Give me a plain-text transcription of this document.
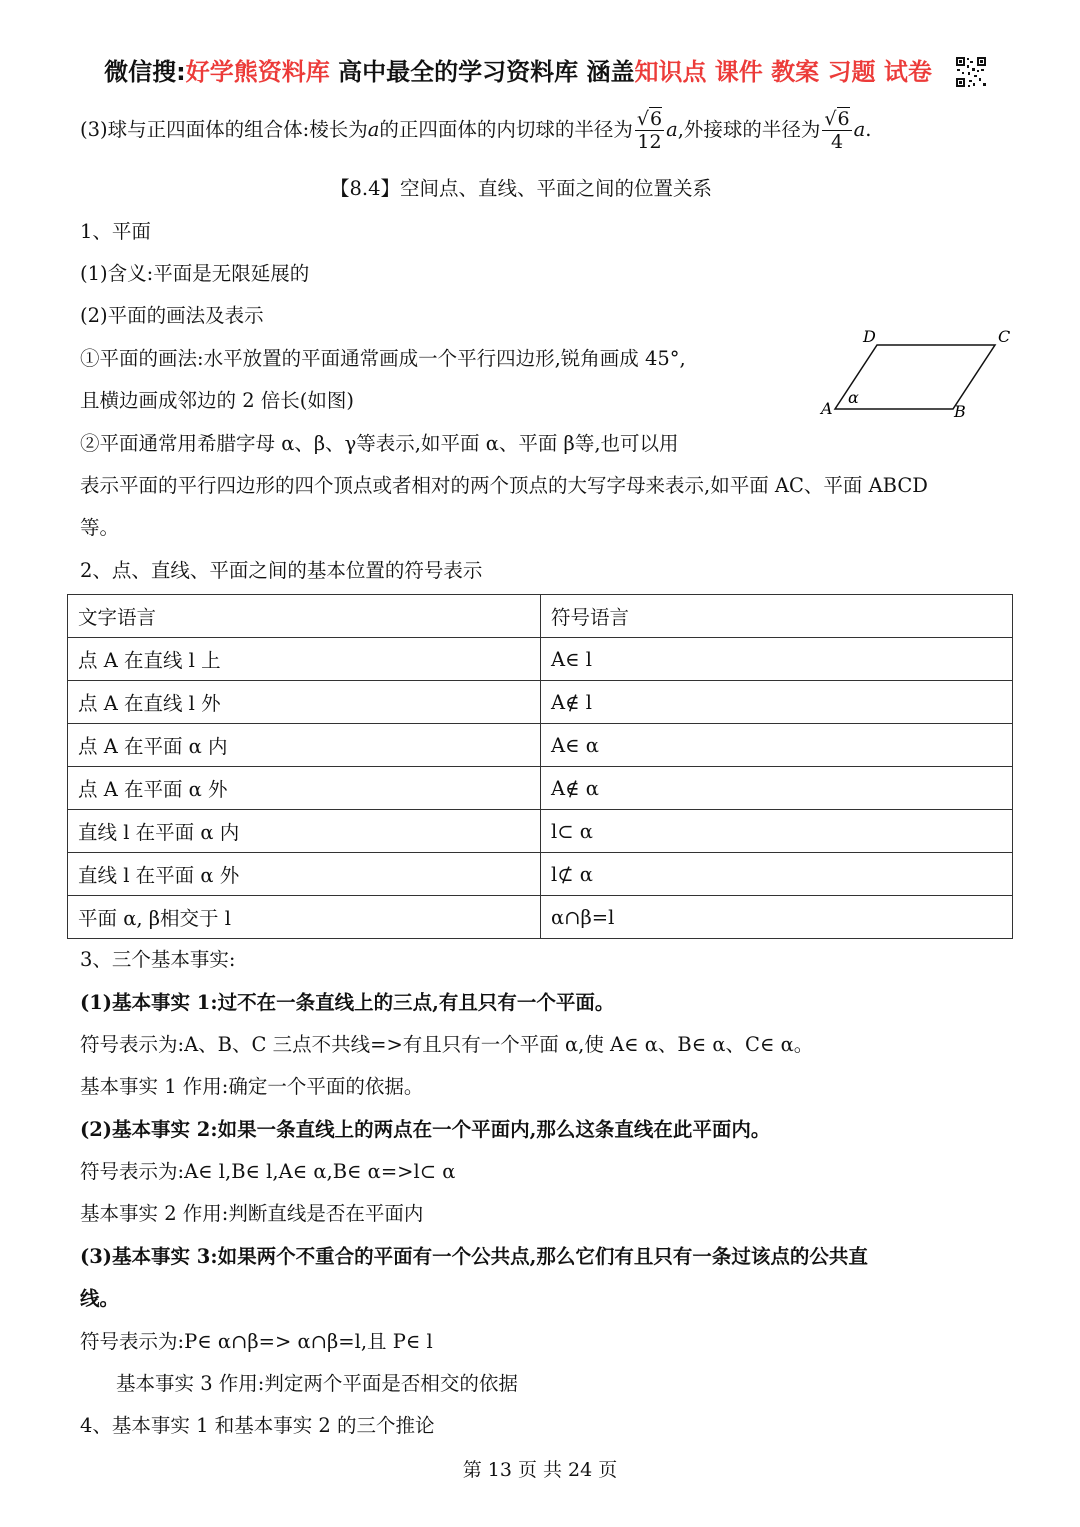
微信搜:好学熊资料库 高中最全的学习资料库 涵盖知识点 课件 教案 习题 试卷
(3)球与正四面体的组合体:棱长为a的正四面体的内切球的半径为 $\frac{√6}{12} a$,外接球的半径为 $\frac{√6}{4} a$.
【8.4】空间点、直线、平面之间的位置关系
1、平面
(1)含义:平面是无限延展的
(2)平面的画法及表示
①平面的画法:水平放置的平面通常画成一个平行四边形,锐角画成 45°,
且横边画成邻边的 2 倍长(如图)
②平面通常用希腊字母 α、β、γ等表示,如平面 α、平面 β等,也可以用
表示平面的平行四边形的四个顶点或者相对的两个顶点的大写字母来表示,如平面 AC、平面 ABCD
等。
A	B
C
D
α
2、点、直线、平面之间的基本位置的符号表示
文字语言	符号语言
点 A 在直线 l 上	A∈ l
点 A 在直线 l 外	A∉ l
点 A 在平面 α 内	A∈ α
点 A 在平面 α 外	A∉ α
直线 l 在平面 α 内	l⊂ α
直线 l 在平面 α 外	l⊄ α
平面 α, β相交于 l	α∩β=l
3、三个基本事实:
(1)基本事实 1:过不在一条直线上的三点,有且只有一个平面。
符号表示为:A、B、C 三点不共线=>有且只有一个平面 α,使 A∈ α、B∈ α、C∈ α。
基本事实 1 作用:确定一个平面的依据。
(2)基本事实 2:如果一条直线上的两点在一个平面内,那么这条直线在此平面内。
符号表示为:A∈ l,B∈ l,A∈ α,B∈ α=>l⊂ α
基本事实 2 作用:判断直线是否在平面内
(3)基本事实 3:如果两个不重合的平面有一个公共点,那么它们有且只有一条过该点的公共直
线。
符号表示为:P∈ α∩β=> α∩β=l,且 P∈ l
基本事实 3 作用:判定两个平面是否相交的依据
4、基本事实 1 和基本事实 2 的三个推论
第 13 页 共 24 页
